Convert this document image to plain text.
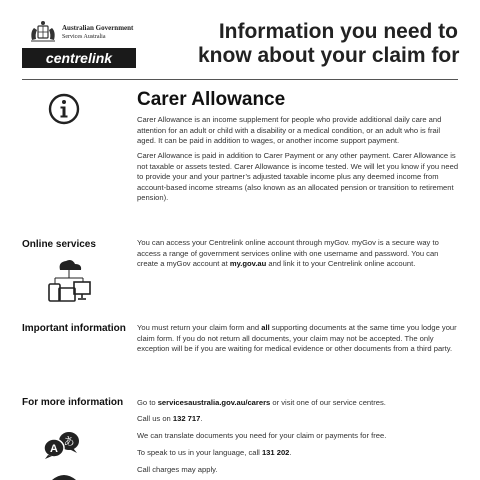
Australian Government
Services Australia
centrelink
Information you need to
know about your claim for
Carer Allowance

Carer Allowance is an income supplement for people who provide additional daily care and attention for an adult or child with a disability or a medical condition, or an adult who is frail aged. It can be paid in addition to wages, or another income support payment.

Carer Allowance is paid in addition to Carer Payment or any other payment. Carer Allowance is not taxable or assets tested. Carer Allowance is income tested. We will let you know if you need to provide your and your partner’s adjusted taxable income plus any deemed income from account-based income streams (also known as an allocated pension or transition to retirement pension).

Online services	You can access your Centrelink online account through myGov. myGov is a secure way to access a range of government services online with one username and password. You can create a myGov account at my.gov.au and link it to your Centrelink online account.

Important information You must return your claim form and all supporting documents at the same time you lodge your claim form. If you do not return all documents, your claim may not be accepted. The only exception will be if you are waiting for medical evidence or other documents from a third party.

For more information Go to servicesaustralia.gov.au/carers or visit one of our service centres.
Call us on 132 717.
We can translate documents you need for your claim or payments for free.
To speak to us in your language, call 131 202.
Call charges may apply.
あ
A
